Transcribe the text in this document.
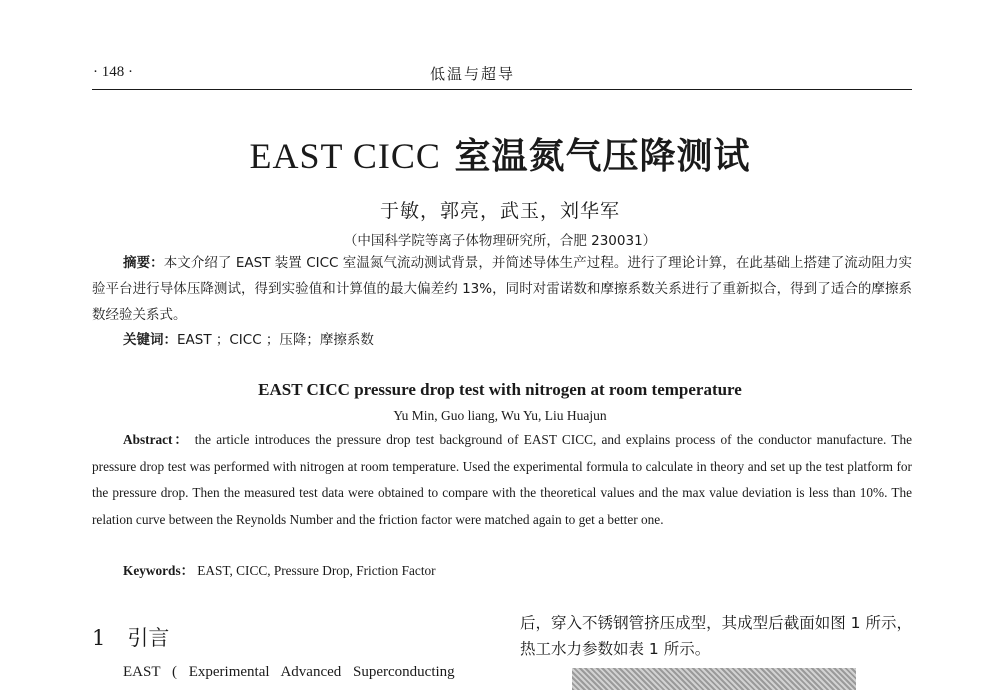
· 148 ·	低温与超导
EAST CICC 室温氮气压降测试
于敏，郭亮，武玉，刘华军
（中国科学院等离子体物理研究所，合肥 230031）
摘要：本文介绍了 EAST 装置 CICC 室温氮气流动测试背景，并简述导体生产过程。进行了理论计算，在此基础上搭建了流动阻力实验平台进行导体压降测试，得到实验值和计算值的最大偏差约 13%，同时对雷诺数和摩擦系数关系进行了重新拟合，得到了适合的摩擦系数经验关系式。
关键词：EAST ；CICC ；压降；摩擦系数
EAST CICC pressure drop test with nitrogen at room temperature
Yu Min, Guo liang, Wu Yu, Liu Huajun
Abstract： the article introduces the pressure drop test background of EAST CICC, and explains process of the conductor manufacture. The pressure drop test was performed with nitrogen at room temperature. Used the experimental formula to calculate in theory and set up the test platform for the pressure drop. Then the measured test data were obtained to compare with the theoretical values and the max value deviation is less than 10%. The relation curve between the Reynolds Number and the friction factor were matched again to get a better one.
Keywords： EAST, CICC, Pressure Drop, Friction Factor
1 引言
EAST ( Experimental Advanced Superconducting
后，穿入不锈钢管挤压成型，其成型后截面如图 1 所示，热工水力参数如表 1 所示。
